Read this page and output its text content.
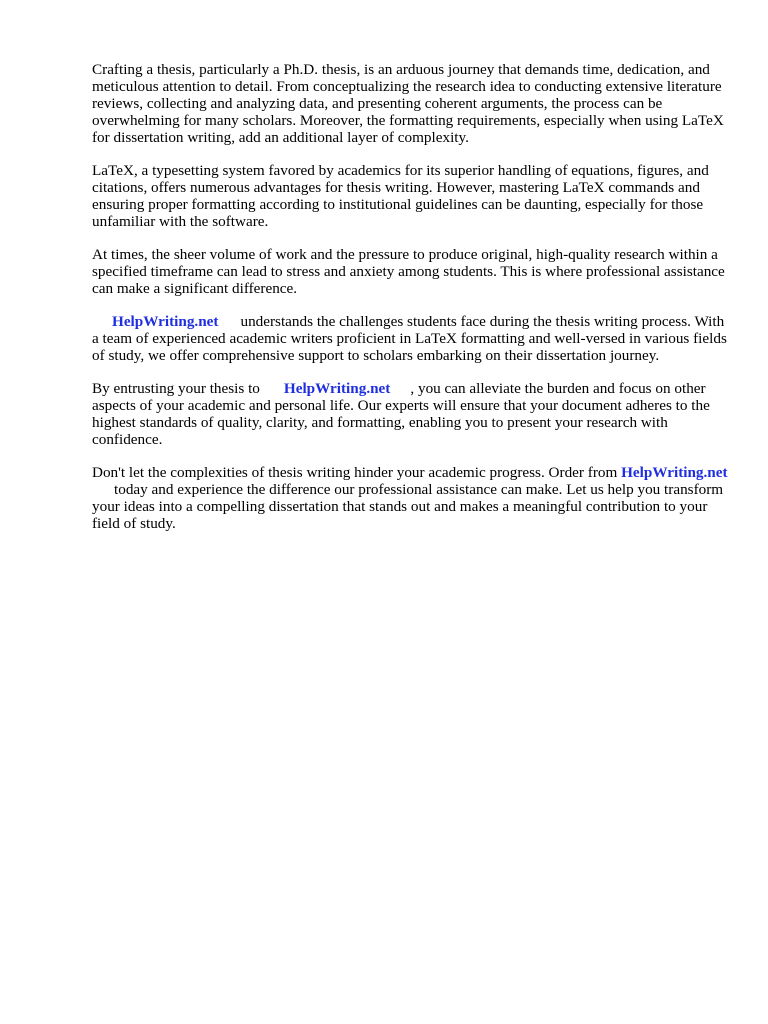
Crafting a thesis, particularly a Ph.D. thesis, is an arduous journey that demands time, dedication, and meticulous attention to detail. From conceptualizing the research idea to conducting extensive literature reviews, collecting and analyzing data, and presenting coherent arguments, the process can be overwhelming for many scholars. Moreover, the formatting requirements, especially when using LaTeX for dissertation writing, add an additional layer of complexity.

LaTeX, a typesetting system favored by academics for its superior handling of equations, figures, and citations, offers numerous advantages for thesis writing. However, mastering LaTeX commands and ensuring proper formatting according to institutional guidelines can be daunting, especially for those unfamiliar with the software.

At times, the sheer volume of work and the pressure to produce original, high-quality research within a specified timeframe can lead to stress and anxiety among students. This is where professional assistance can make a significant difference.

HelpWriting.net understands the challenges students face during the thesis writing process. With a team of experienced academic writers proficient in LaTeX formatting and well-versed in various fields of study, we offer comprehensive support to scholars embarking on their dissertation journey.

By entrusting your thesis to HelpWriting.net , you can alleviate the burden and focus on other aspects of your academic and personal life. Our experts will ensure that your document adheres to the highest standards of quality, clarity, and formatting, enabling you to present your research with confidence.

Don't let the complexities of thesis writing hinder your academic progress. Order from HelpWriting.nettoday and experience the difference our professional assistance can make. Let us help you transform your ideas into a compelling dissertation that stands out and makes a meaningful contribution to your field of study.
